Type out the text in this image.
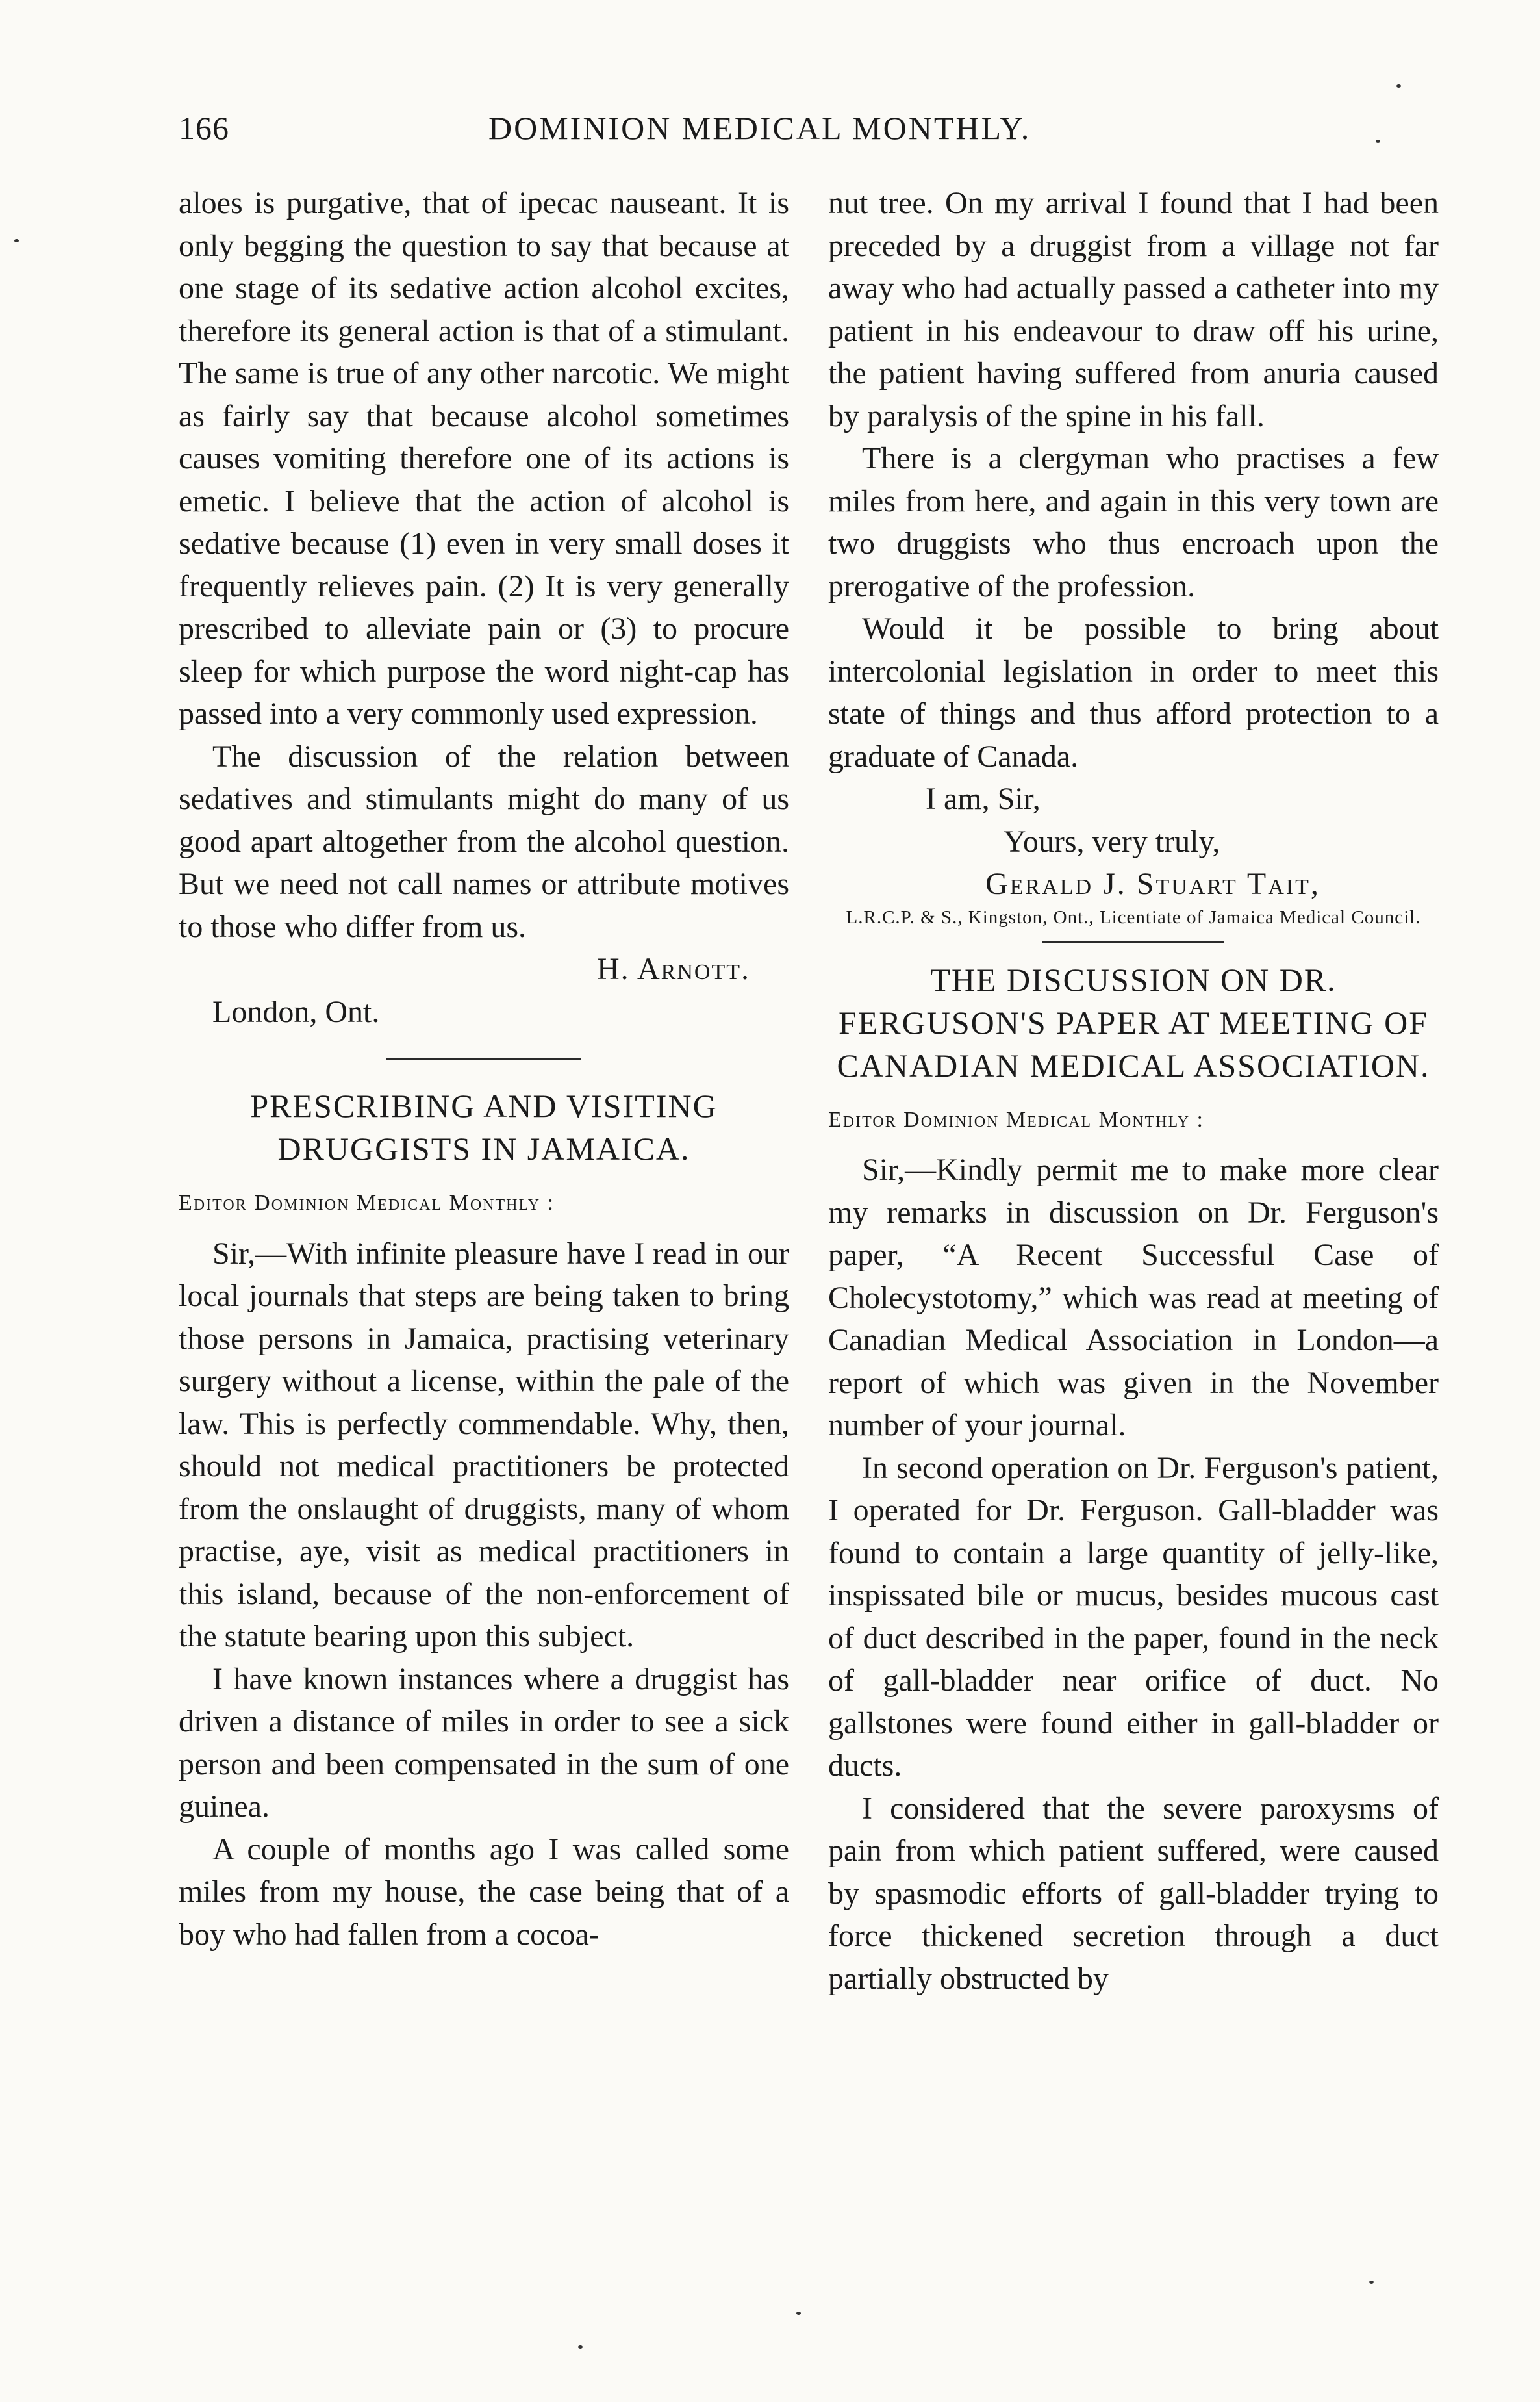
166	DOMINION MEDICAL MONTHLY.

aloes is purgative, that of ipecac nauseant. It is only begging the question to say that because at one stage of its sedative action alcohol excites, therefore its general action is that of a stimulant. The same is true of any other narcotic. We might as fairly say that because alcohol sometimes causes vomiting therefore one of its actions is emetic. I believe that the action of alcohol is sedative because (1) even in very small doses it frequently relieves pain. (2) It is very generally prescribed to alleviate pain or (3) to procure sleep for which purpose the word night-cap has passed into a very commonly used expression.

The discussion of the relation between sedatives and stimulants might do many of us good apart altogether from the alcohol question. But we need not call names or attribute motives to those who differ from us.

H. Arnott.

London, Ont.

PRESCRIBING AND VISITING DRUGGISTS IN JAMAICA.
Editor Dominion Medical Monthly :

Sir,—With infinite pleasure have I read in our local journals that steps are being taken to bring those persons in Jamaica, practising veterinary surgery without a license, within the pale of the law. This is perfectly commendable. Why, then, should not medical practitioners be protected from the onslaught of druggists, many of whom practise, aye, visit as medical practitioners in this island, because of the non-enforcement of the statute bearing upon this subject.

I have known instances where a druggist has driven a distance of miles in order to see a sick person and been compensated in the sum of one guinea.

A couple of months ago I was called some miles from my house, the case being that of a boy who had fallen from a cocoa-

nut tree. On my arrival I found that I had been preceded by a druggist from a village not far away who had actually passed a catheter into my patient in his endeavour to draw off his urine, the patient having suffered from anuria caused by paralysis of the spine in his fall.

There is a clergyman who practises a few miles from here, and again in this very town are two druggists who thus encroach upon the prerogative of the profession.

Would it be possible to bring about intercolonial legislation in order to meet this state of things and thus afford protection to a graduate of Canada.

I am, Sir,

Yours, very truly,

Gerald J. Stuart Tait,

L.R.C.P. & S., Kingston, Ont., Licentiate of Jamaica Medical Council.
THE DISCUSSION ON DR. FERGUSON'S PAPER AT MEETING OF CANADIAN MEDICAL ASSOCIATION.
Editor Dominion Medical Monthly :

Sir,—Kindly permit me to make more clear my remarks in discussion on Dr. Ferguson's paper, “A Recent Successful Case of Cholecystotomy,” which was read at meeting of Canadian Medical Association in London—a report of which was given in the November number of your journal.

In second operation on Dr. Ferguson's patient, I operated for Dr. Ferguson. Gall-bladder was found to contain a large quantity of jelly-like, inspissated bile or mucus, besides mucous cast of duct described in the paper, found in the neck of gall-bladder near orifice of duct. No gallstones were found either in gall-bladder or ducts.

I considered that the severe paroxysms of pain from which patient suffered, were caused by spasmodic efforts of gall-bladder trying to force thickened secretion through a duct partially obstructed by
